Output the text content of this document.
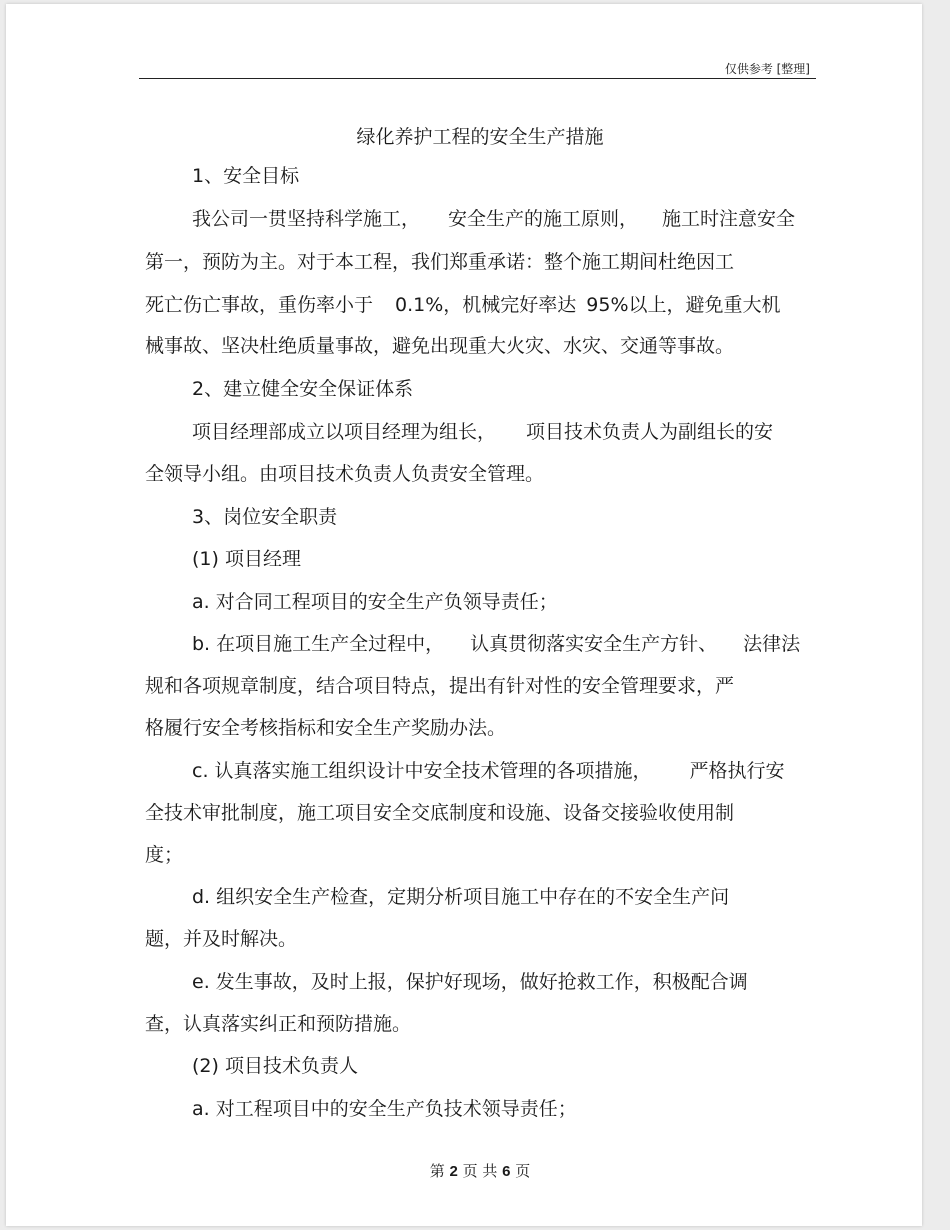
仅供参考 [整理]
绿化养护工程的安全生产措施
1、安全目标
我公司一贯坚持科学施工， 安全生产的施工原则， 施工时注意安全
第一，预防为主。对于本工程，我们郑重承诺：整个施工期间杜绝因工
死亡伤亡事故，重伤率小于 0.1%，机械完好率达 95%以上，避免重大机
械事故、坚决杜绝质量事故，避免出现重大火灾、水灾、交通等事故。
2、建立健全安全保证体系
项目经理部成立以项目经理为组长， 项目技术负责人为副组长的安
全领导小组。由项目技术负责人负责安全管理。
3、岗位安全职责
(1) 项目经理
a. 对合同工程项目的安全生产负领导责任；
b. 在项目施工生产全过程中， 认真贯彻落实安全生产方针、 法律法
规和各项规章制度，结合项目特点，提出有针对性的安全管理要求，严
格履行安全考核指标和安全生产奖励办法。
c. 认真落实施工组织设计中安全技术管理的各项措施， 严格执行安
全技术审批制度，施工项目安全交底制度和设施、设备交接验收使用制
度；
d. 组织安全生产检查，定期分析项目施工中存在的不安全生产问
题，并及时解决。
e. 发生事故，及时上报，保护好现场，做好抢救工作，积极配合调
查，认真落实纠正和预防措施。
(2) 项目技术负责人
a. 对工程项目中的安全生产负技术领导责任；
第 2 页 共 6 页
